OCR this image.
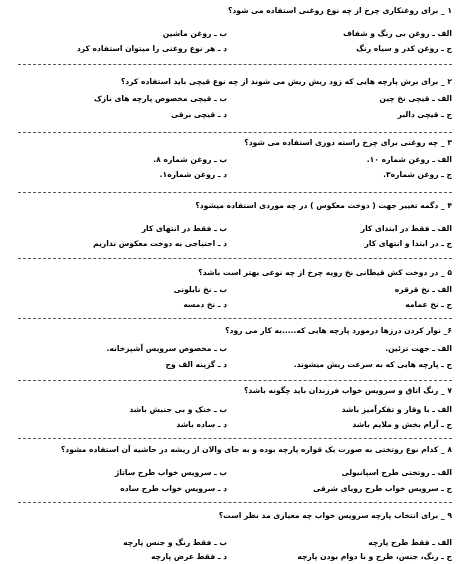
۱ _ برای روغنکاری چرخ از چه نوع روغنی استفاده می شود؟
الف ـ روغن بی رنگ و شفاف
ب ـ روغن ماشین
ج ـ روغن کدر و سیاه رنگ
د ـ هر نوع روغنی را میتوان استفاده کرد
۲ _ برای برش پارچه هایی که زود ریش ریش می شوند از چه نوع قیچی باید استفاده کرد؟
الف ـ قیچی نخ چین
ب ـ قیچی مخصوص پارچه های نازک
ج ـ قیچی دالبر
د ـ قیچی برقی
۳ _ چه روغنی برای چرخ راسته دوزی استفاده می شود؟
الف ـ روغن شماره ۱۰.
ب ـ روغن شماره ۸.
ج ـ روغن شماره۳.
د ـ روغن شماره۱.
۴ _ دگمه تغییر جهت ( دوخت معکوس ) در چه موردی استفاده میشود؟
الف ـ فقط در ابتدای کار
ب ـ فقط در انتهای کار
ج ـ در ابتدا و انتهای کار
د ـ احتیاجی به دوخت معکوس نداریم
۵ _ در دوخت کش قیطانی نخ رویه چرخ از چه نوعی بهتر است باشد؟
الف ـ نخ قرقره
ب ـ نخ نایلونی
ج ـ نخ عمامه
د ـ نخ دمسه
۶_ نوار کردن درزها درمورد پارچه هایی که.....به کار می رود؟
الف ـ جهت تزئین.
ب ـ مخصوص سرویس آشپزخانه.
ج ـ پارچه هایی که به سرعت ریش میشوند.
د ـ گزینه الف وج
۷ _ رنگ اتاق و سرویس خواب فرزندان باید چگونه باشد؟
الف ـ با وقار و تفکرآمیز باشد
ب ـ خنک و بی جنبش باشد
ج ـ آرام بخش و ملایم باشد
د ـ ساده باشد
۸ _ کدام نوع روتختی به صورت یک قواره پارچه بوده و به جای والان از ریشه در حاشیه آن استفاده مشود؟
الف ـ روتختی طرح اسپانیولی
ب ـ سرویس خواب طرح ساتاژ
ج ـ سرویس خواب طرح رویای شرقی
د ـ سرویس خواب طرح ساده
۹ _ برای انتخاب پارچه سرویس خواب چه معیاری مد نظر است؟
الف ـ فقط طرح پارچه
ب ـ فقط رنگ و جنس پارچه
ج ـ رنگ، جنس، طرح و با دوام بودن پارچه
د ـ فقط عرض پارچه
